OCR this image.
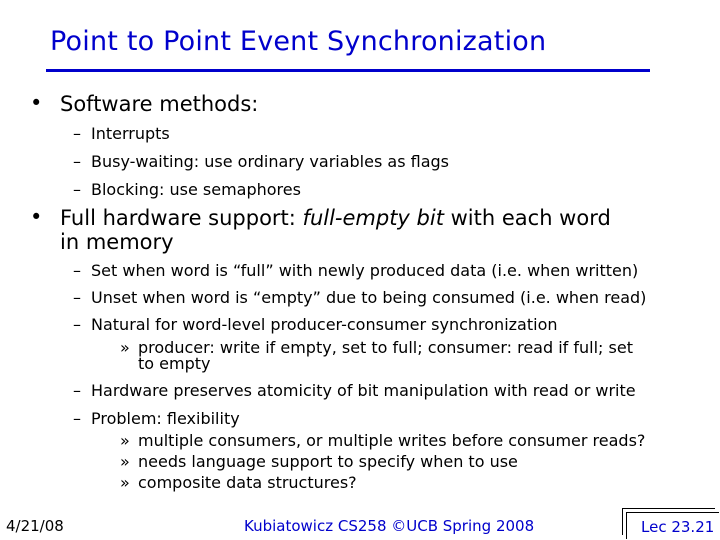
Point to Point Event Synchronization
• Software methods:
– Interrupts
– Busy-waiting: use ordinary variables as flags
– Blocking: use semaphores
• Full hardware support: full-empty bit with each word
in memory
– Set when word is “full” with newly produced data (i.e. when written)
– Unset when word is “empty” due to being consumed (i.e. when read)
– Natural for word-level producer-consumer synchronization
» producer: write if empty, set to full; consumer: read if full; set
to empty
– Hardware preserves atomicity of bit manipulation with read or write
– Problem: flexibility
» multiple consumers, or multiple writes before consumer reads?
» needs language support to specify when to use
» composite data structures?
4/21/08	Kubiatowicz CS258 ©UCB Spring 2008	Lec 23.21
